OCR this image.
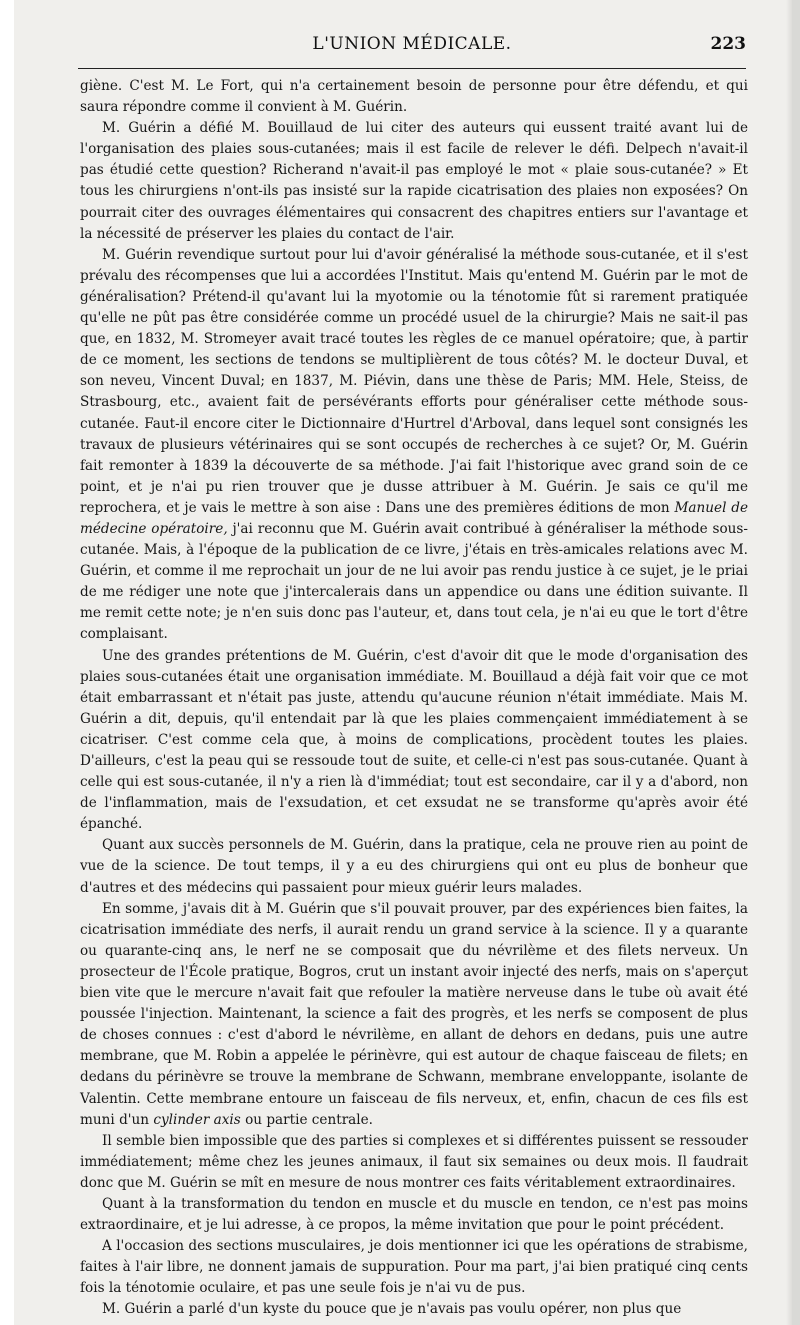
L'UNION MÉDICALE.	223

giène. C'est M. Le Fort, qui n'a certainement besoin de personne pour être défendu, et qui saura répondre comme il convient à M. Guérin.

M. Guérin a défié M. Bouillaud de lui citer des auteurs qui eussent traité avant lui de l'organisation des plaies sous-cutanées; mais il est facile de relever le défi. Delpech n'avait-il pas étudié cette question? Richerand n'avait-il pas employé le mot « plaie sous-cutanée? » Et tous les chirurgiens n'ont-ils pas insisté sur la rapide cicatrisation des plaies non exposées? On pourrait citer des ouvrages élémentaires qui consacrent des chapitres entiers sur l'avantage et la nécessité de préserver les plaies du contact de l'air.

M. Guérin revendique surtout pour lui d'avoir généralisé la méthode sous-cutanée, et il s'est prévalu des récompenses que lui a accordées l'Institut. Mais qu'entend M. Guérin par le mot de généralisation? Prétend-il qu'avant lui la myotomie ou la ténotomie fût si rarement pratiquée qu'elle ne pût pas être considérée comme un procédé usuel de la chirurgie? Mais ne sait-il pas que, en 1832, M. Stromeyer avait tracé toutes les règles de ce manuel opératoire; que, à partir de ce moment, les sections de tendons se multiplièrent de tous côtés? M. le docteur Duval, et son neveu, Vincent Duval; en 1837, M. Piévin, dans une thèse de Paris; MM. Hele, Steiss, de Strasbourg, etc., avaient fait de persévérants efforts pour généraliser cette méthode sous-cutanée. Faut-il encore citer le Dictionnaire d'Hurtrel d'Arboval, dans lequel sont consignés les travaux de plusieurs vétérinaires qui se sont occupés de recherches à ce sujet? Or, M. Guérin fait remonter à 1839 la découverte de sa méthode. J'ai fait l'historique avec grand soin de ce point, et je n'ai pu rien trouver que je dusse attribuer à M. Guérin. Je sais ce qu'il me reprochera, et je vais le mettre à son aise : Dans une des premières éditions de mon Manuel de médecine opératoire, j'ai reconnu que M. Guérin avait contribué à généraliser la méthode sous-cutanée. Mais, à l'époque de la publication de ce livre, j'étais en très-amicales relations avec M. Guérin, et comme il me reprochait un jour de ne lui avoir pas rendu justice à ce sujet, je le priai de me rédiger une note que j'intercalerais dans un appendice ou dans une édition suivante. Il me remit cette note; je n'en suis donc pas l'auteur, et, dans tout cela, je n'ai eu que le tort d'être complaisant.

Une des grandes prétentions de M. Guérin, c'est d'avoir dit que le mode d'organisation des plaies sous-cutanées était une organisation immédiate. M. Bouillaud a déjà fait voir que ce mot était embarrassant et n'était pas juste, attendu qu'aucune réunion n'était immédiate. Mais M. Guérin a dit, depuis, qu'il entendait par là que les plaies commençaient immédiatement à se cicatriser. C'est comme cela que, à moins de complications, procèdent toutes les plaies. D'ailleurs, c'est la peau qui se ressoude tout de suite, et celle-ci n'est pas sous-cutanée. Quant à celle qui est sous-cutanée, il n'y a rien là d'immédiat; tout est secondaire, car il y a d'abord, non de l'inflammation, mais de l'exsudation, et cet exsudat ne se transforme qu'après avoir été épanché.

Quant aux succès personnels de M. Guérin, dans la pratique, cela ne prouve rien au point de vue de la science. De tout temps, il y a eu des chirurgiens qui ont eu plus de bonheur que d'autres et des médecins qui passaient pour mieux guérir leurs malades.

En somme, j'avais dit à M. Guérin que s'il pouvait prouver, par des expériences bien faites, la cicatrisation immédiate des nerfs, il aurait rendu un grand service à la science. Il y a quarante ou quarante-cinq ans, le nerf ne se composait que du névrilème et des filets nerveux. Un prosecteur de l'École pratique, Bogros, crut un instant avoir injecté des nerfs, mais on s'aperçut bien vite que le mercure n'avait fait que refouler la matière nerveuse dans le tube où avait été poussée l'injection. Maintenant, la science a fait des progrès, et les nerfs se composent de plus de choses connues : c'est d'abord le névrilème, en allant de dehors en dedans, puis une autre membrane, que M. Robin a appelée le périnèvre, qui est autour de chaque faisceau de filets; en dedans du périnèvre se trouve la membrane de Schwann, membrane enveloppante, isolante de Valentin. Cette membrane entoure un faisceau de fils nerveux, et, enfin, chacun de ces fils est muni d'un cylinder axis ou partie centrale.

Il semble bien impossible que des parties si complexes et si différentes puissent se ressouder immédiatement; même chez les jeunes animaux, il faut six semaines ou deux mois. Il faudrait donc que M. Guérin se mît en mesure de nous montrer ces faits véritablement extraordinaires.

Quant à la transformation du tendon en muscle et du muscle en tendon, ce n'est pas moins extraordinaire, et je lui adresse, à ce propos, la même invitation que pour le point précédent.

A l'occasion des sections musculaires, je dois mentionner ici que les opérations de strabisme, faites à l'air libre, ne donnent jamais de suppuration. Pour ma part, j'ai bien pratiqué cinq cents fois la ténotomie oculaire, et pas une seule fois je n'ai vu de pus.

M. Guérin a parlé d'un kyste du pouce que je n'avais pas voulu opérer, non plus que
